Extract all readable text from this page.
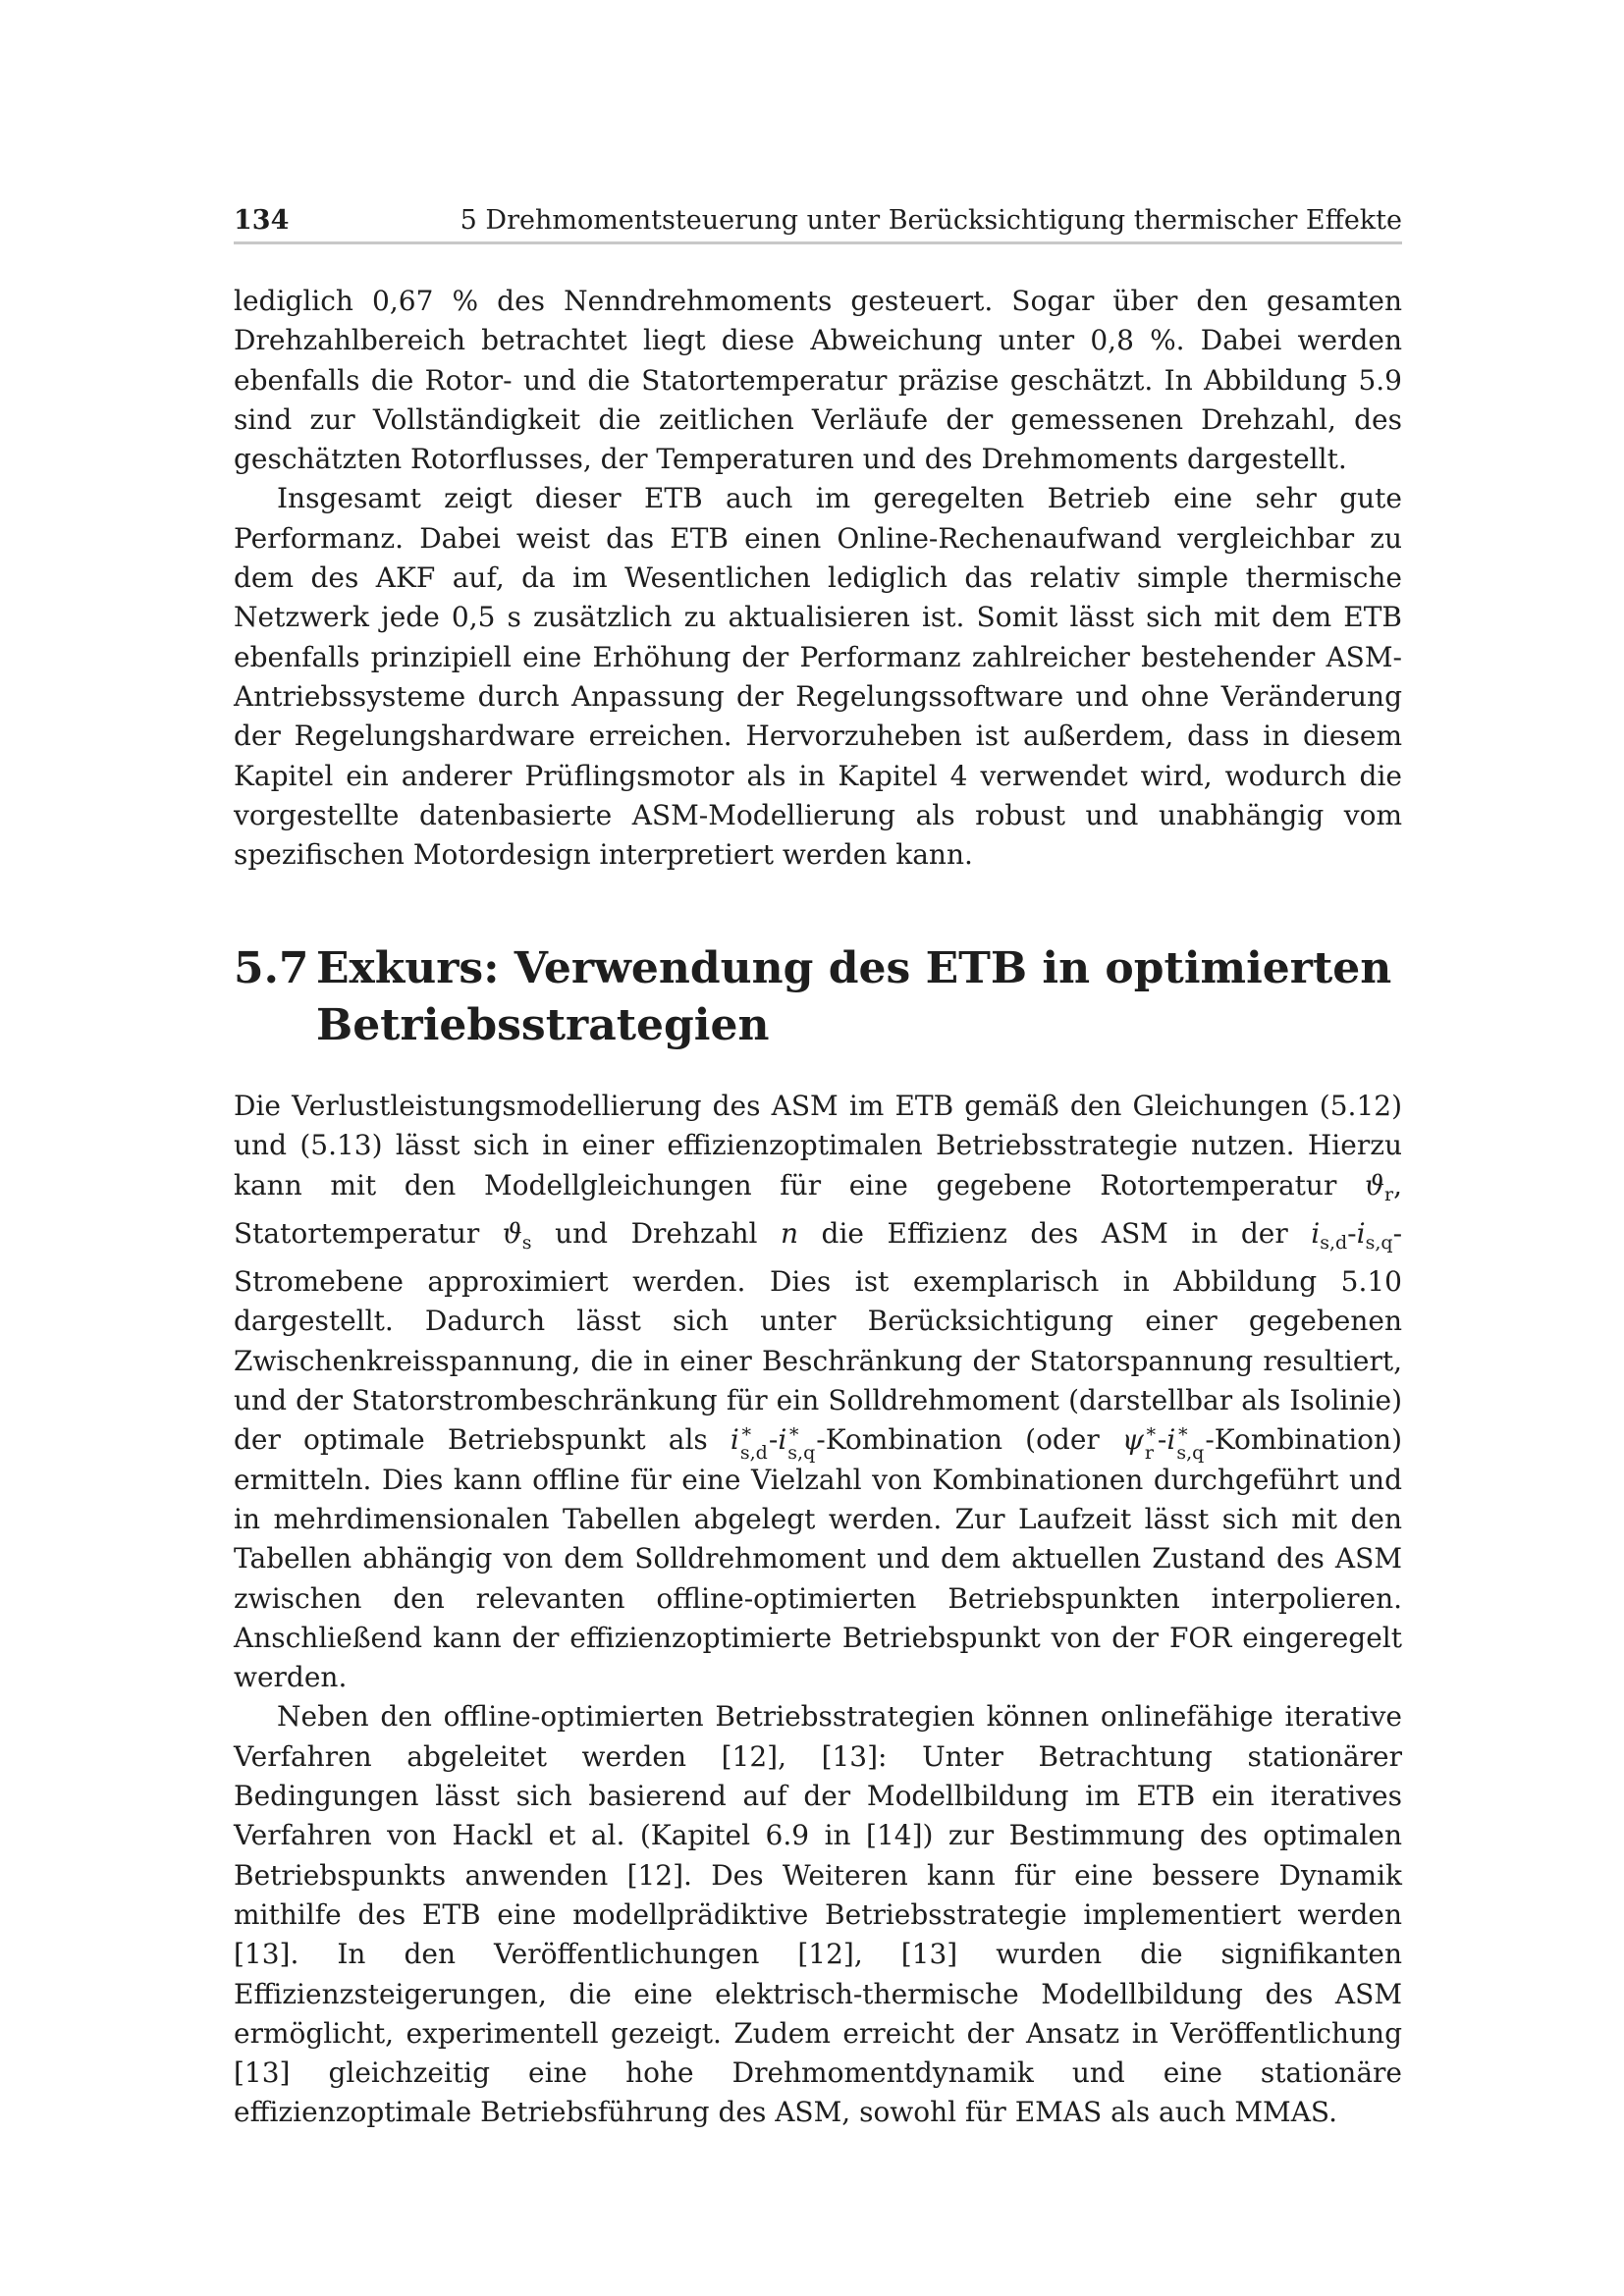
134	5 Drehmomentsteuerung unter Berücksichtigung thermischer Effekte

lediglich 0,67 % des Nenndrehmoments gesteuert. Sogar über den gesamten Drehzahlbereich betrachtet liegt diese Abweichung unter 0,8 %. Dabei werden ebenfalls die Rotor- und die Statortemperatur präzise geschätzt. In Abbildung 5.9 sind zur Vollständigkeit die zeitlichen Verläufe der gemessenen Drehzahl, des geschätzten Rotorflusses, der Temperaturen und des Drehmoments dargestellt.

Insgesamt zeigt dieser ETB auch im geregelten Betrieb eine sehr gute Performanz. Dabei weist das ETB einen Online-Rechenaufwand vergleichbar zu dem des AKF auf, da im Wesentlichen lediglich das relativ simple thermische Netzwerk jede 0,5 s zusätzlich zu aktualisieren ist. Somit lässt sich mit dem ETB ebenfalls prinzipiell eine Erhöhung der Performanz zahlreicher bestehender ASM-Antriebssysteme durch Anpassung der Regelungssoftware und ohne Veränderung der Regelungshardware erreichen. Hervorzuheben ist außerdem, dass in diesem Kapitel ein anderer Prüflingsmotor als in Kapitel 4 verwendet wird, wodurch die vorgestellte datenbasierte ASM-Modellierung als robust und unabhängig vom spezifischen Motordesign interpretiert werden kann.

5.7 Exkurs: Verwendung des ETB in optimierten Betriebsstrategien

Die Verlustleistungsmodellierung des ASM im ETB gemäß den Gleichungen (5.12) und (5.13) lässt sich in einer effizienzoptimalen Betriebsstrategie nutzen. Hierzu kann mit den Modellgleichungen für eine gegebene Rotortemperatur $ϑ_r$, Statortemperatur $ϑ_s$ und Drehzahl n die Effizienz des ASM in der $i_{s,d}-i_{s,q}$-Stromebene approximiert werden. Dies ist exemplarisch in Abbildung 5.10 dargestellt. Dadurch lässt sich unter Berücksichtigung einer gegebenen Zwischenkreisspannung, die in einer Beschränkung der Statorspannung resultiert, und der Statorstrombeschränkung für ein Solldrehmoment (darstellbar als Isolinie) der optimale Betriebspunkt als i ∗
s,d -i ∗
s,q -Kombination (oder ψ ∗
r -i ∗
s,q -Kombination) ermitteln. Dies kann offline für eine Vielzahl von Kombinationen durchgeführt und in mehrdimensionalen Tabellen abgelegt werden. Zur Laufzeit lässt sich mit den Tabellen abhängig von dem Solldrehmoment und dem aktuellen Zustand des ASM zwischen den relevanten offline-optimierten Betriebspunkten interpolieren. Anschließend kann der effizienzoptimierte Betriebspunkt von der FOR eingeregelt werden.

Neben den offline-optimierten Betriebsstrategien können onlinefähige iterative Verfahren abgeleitet werden [12], [13]: Unter Betrachtung stationärer Bedingungen lässt sich basierend auf der Modellbildung im ETB ein iteratives Verfahren von Hackl et al. (Kapitel 6.9 in [14]) zur Bestimmung des optimalen Betriebspunkts anwenden [12]. Des Weiteren kann für eine bessere Dynamik mithilfe des ETB eine modellprädiktive Betriebsstrategie implementiert werden [13]. In den Veröffentlichungen [12], [13] wurden die signifikanten Effizienzsteigerungen, die eine elektrisch-thermische Modellbildung des ASM ermöglicht, experimentell gezeigt. Zudem erreicht der Ansatz in Veröffentlichung [13] gleichzeitig eine hohe Drehmomentdynamik und eine stationäre effizienzoptimale Betriebsführung des ASM, sowohl für EMAS als auch MMAS.
